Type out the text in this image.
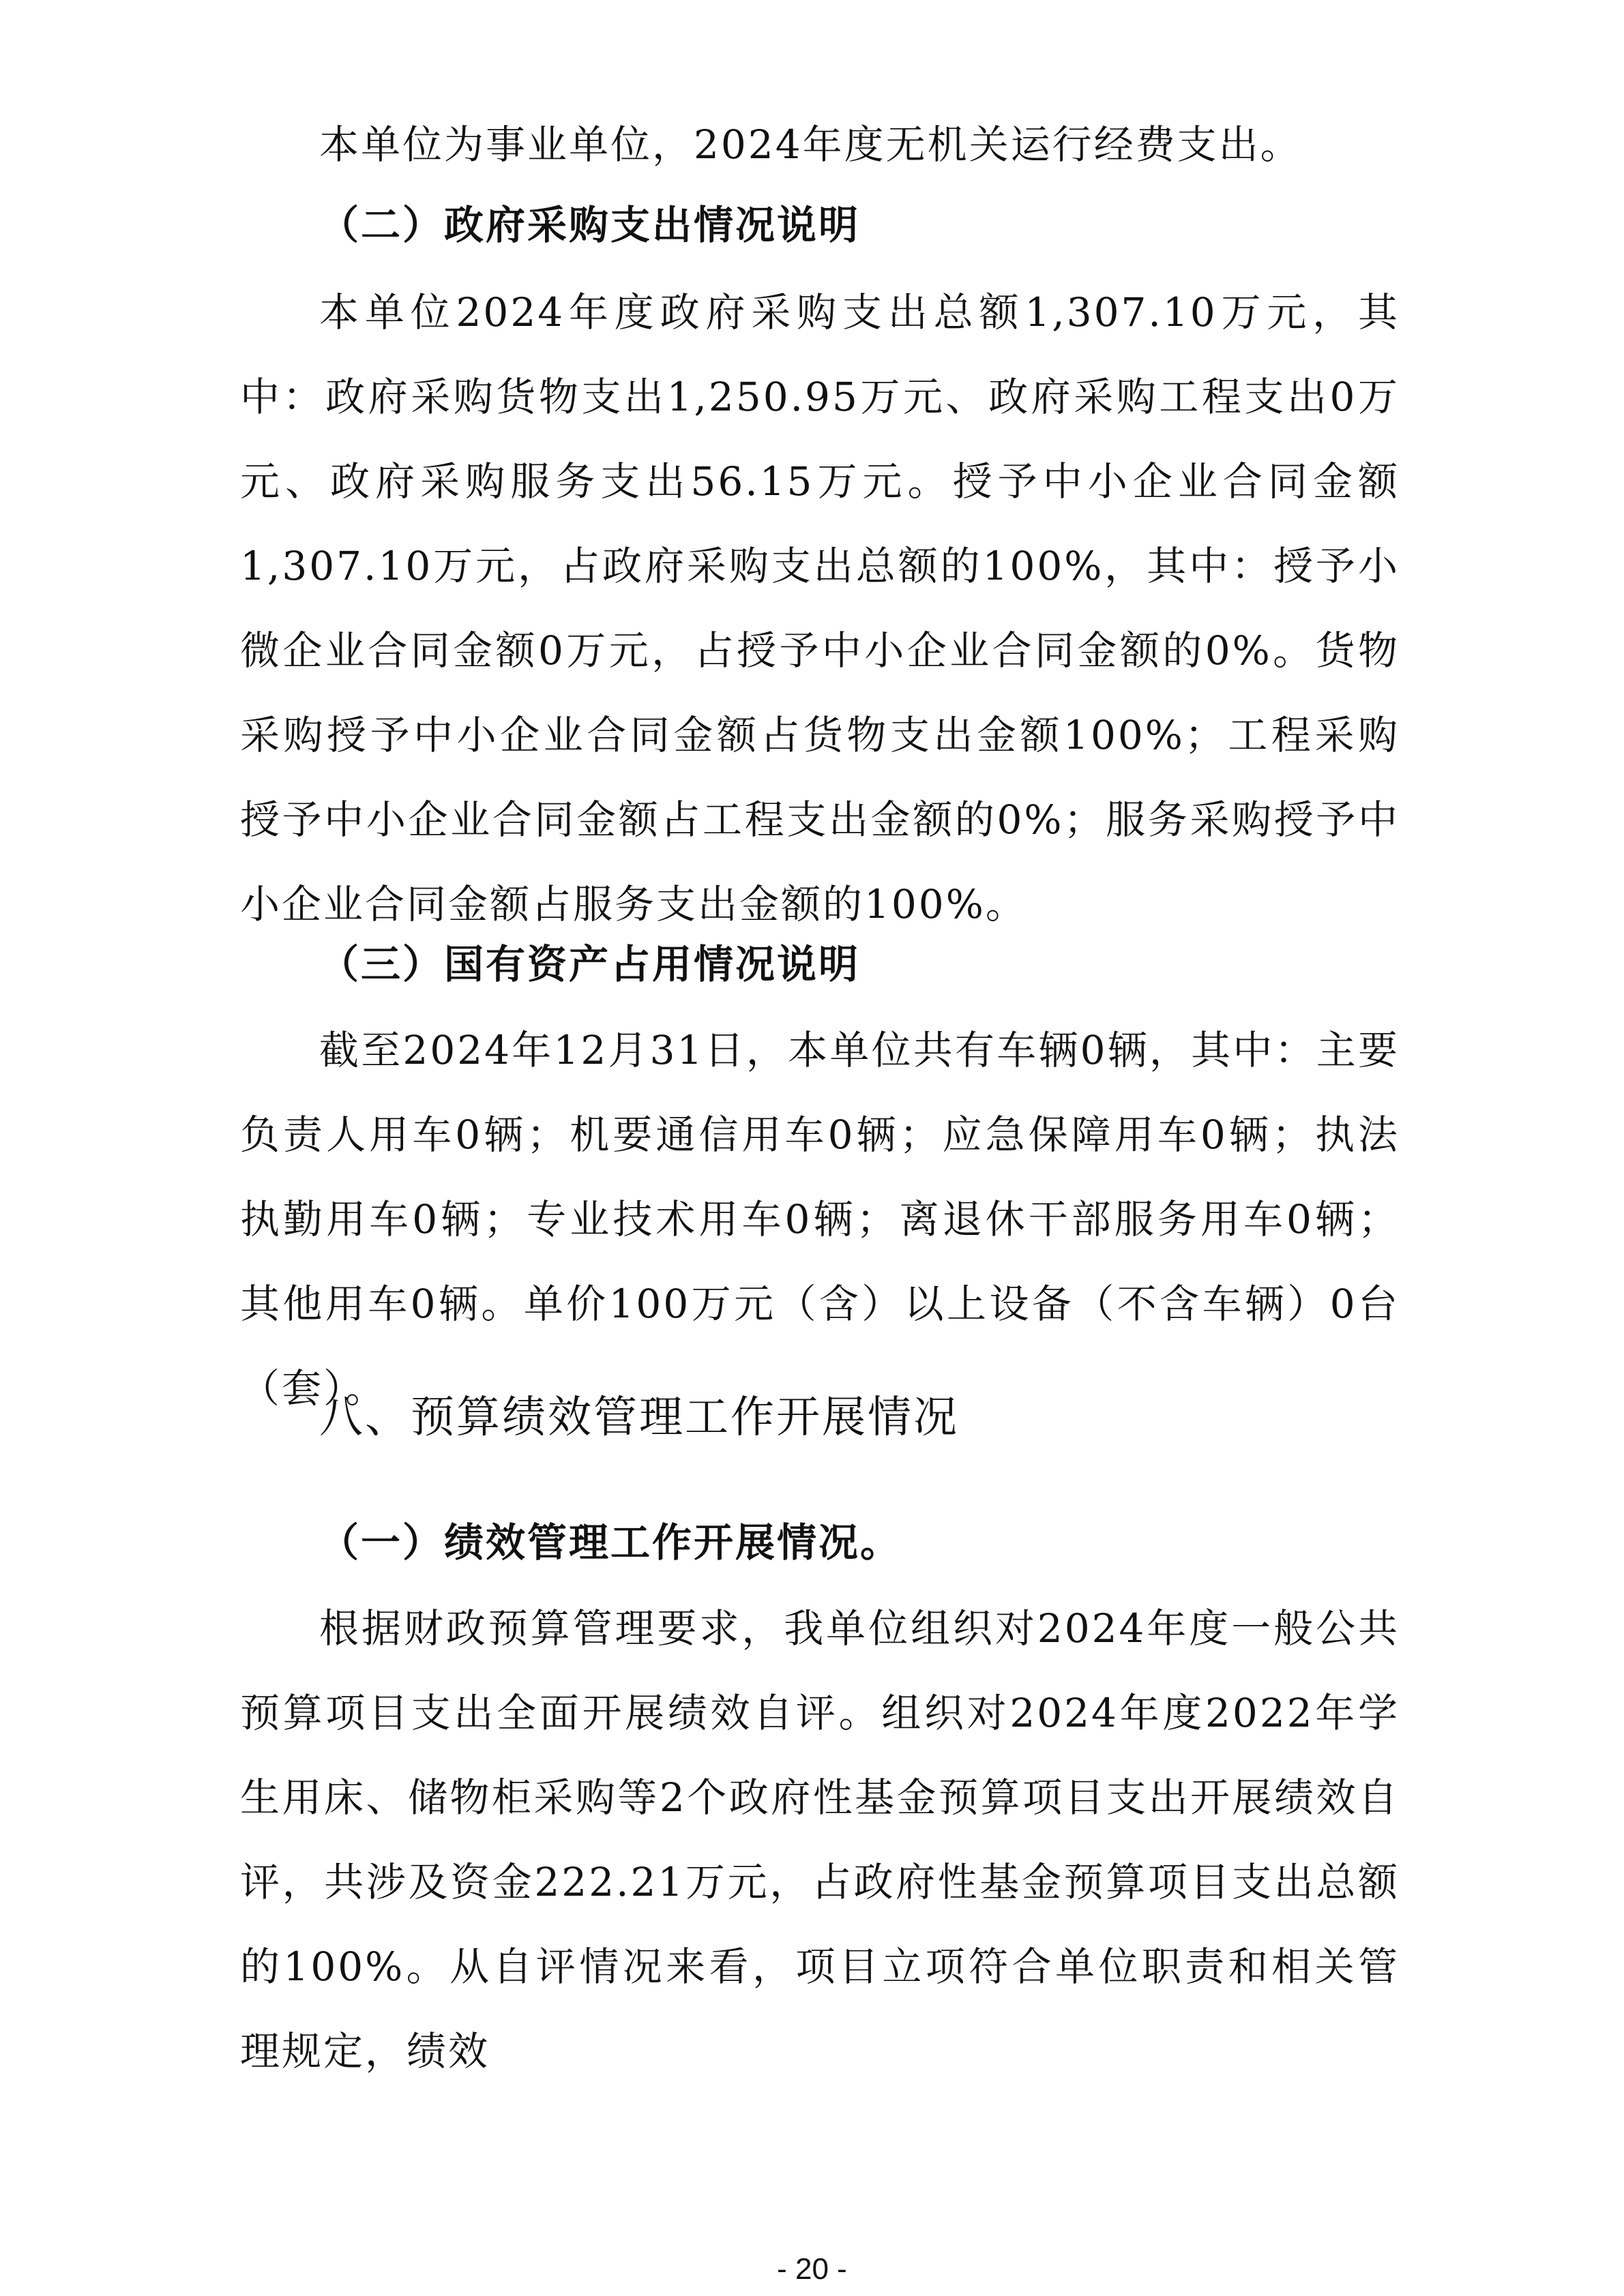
本单位为事业单位，2024年度无机关运行经费支出。

（二）政府采购支出情况说明

本单位2024年度政府采购支出总额1,307.10万元，其中：政府采购货物支出1,250.95万元、政府采购工程支出0万元、政府采购服务支出56.15万元。授予中小企业合同金额1,307.10万元，占政府采购支出总额的100%，其中：授予小微企业合同金额0万元，占授予中小企业合同金额的0%。货物采购授予中小企业合同金额占货物支出金额100%；工程采购授予中小企业合同金额占工程支出金额的0%；服务采购授予中小企业合同金额占服务支出金额的100%。

（三）国有资产占用情况说明

截至2024年12月31日，本单位共有车辆0辆，其中：主要负责人用车0辆；机要通信用车0辆；应急保障用车0辆；执法执勤用车0辆；专业技术用车0辆；离退休干部服务用车0辆；其他用车0辆。单价100万元（含）以上设备（不含车辆）0台（套）。

八、预算绩效管理工作开展情况
（一）绩效管理工作开展情况。

根据财政预算管理要求，我单位组织对2024年度一般公共预算项目支出全面开展绩效自评。组织对2024年度2022年学生用床、储物柜采购等2个政府性基金预算项目支出开展绩效自评，共涉及资金222.21万元，占政府性基金预算项目支出总额的100%。从自评情况来看，项目立项符合单位职责和相关管理规定，绩效

- 20 -
